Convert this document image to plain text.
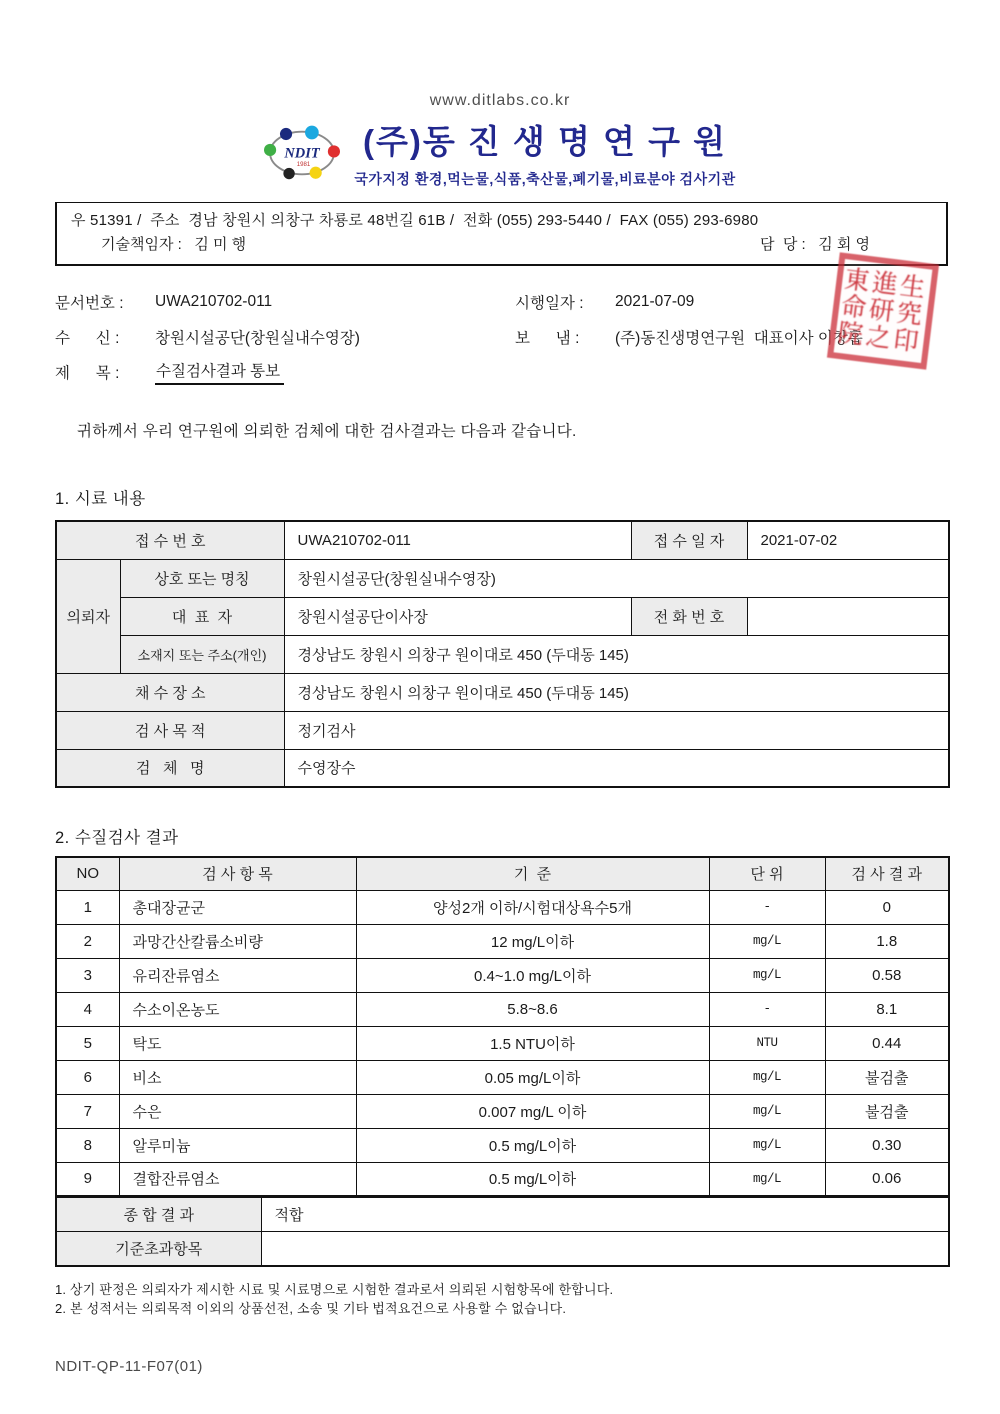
www.ditlabs.co.kr
NDIT
1981
(주)동 진 생 명 연 구 원
국가지정 환경,먹는물,식품,축산물,폐기물,비료분야 검사기관
우 51391 /  주소  경남 창원시 의창구 차룡로 48번길 61B /  전화 (055) 293-5440 /  FAX (055) 293-6980
기술책임자 : 김 미 행	담  당 : 김 회 영
문서번호 :	UWA210702-011	시행일자 :	2021-07-09
수      신 :	창원시설공단(창원실내수영장)	보      냄 :	(주)동진생명연구원  대표이사 이창흡
제      목 :	수질검사결과 통보
귀하께서 우리 연구원에 의뢰한 검체에 대한 검사결과는 다음과 같습니다.
1. 시료 내용
접 수 번 호		UWA210702-011	접 수 일 자	2021-07-02
의뢰자	상호 또는 명칭	창원시설공단(창원실내수영장)		
	대  표  자	창원시설공단이사장	전 화 번 호	
	소재지 또는 주소(개인)	경상남도 창원시 의창구 원이대로 450 (두대동 145)		
채 수 장 소		경상남도 창원시 의창구 원이대로 450 (두대동 145)		
검 사 목 적		정기검사		
검   체   명		수영장수		
2. 수질검사 결과
NO	검 사 항 목	기  준	단 위	검 사 결 과
1	총대장균군	양성2개 이하/시험대상욕수5개	-	0
2	과망간산칼륨소비량	12 mg/L이하	mg/L	1.8
3	유리잔류염소	0.4~1.0 mg/L이하	mg/L	0.58
4	수소이온농도	5.8~8.6	-	8.1
5	탁도	1.5 NTU이하	NTU	0.44
6	비소	0.05 mg/L이하	mg/L	불검출
7	수은	0.007 mg/L 이하	mg/L	불검출
8	알루미늄	0.5 mg/L이하	mg/L	0.30
9	결합잔류염소	0.5 mg/L이하	mg/L	0.06
종 합 결 과	적합
기준초과항목	
1. 상기 판정은 의뢰자가 제시한 시료 및 시료명으로 시험한 결과로서 의뢰된 시험항목에 한합니다.
2. 본 성적서는 의뢰목적 이외의 상품선전, 소송 및 기타 법적요건으로 사용할 수 없습니다.
東進生命研究院之印
NDIT-QP-11-F07(01)
